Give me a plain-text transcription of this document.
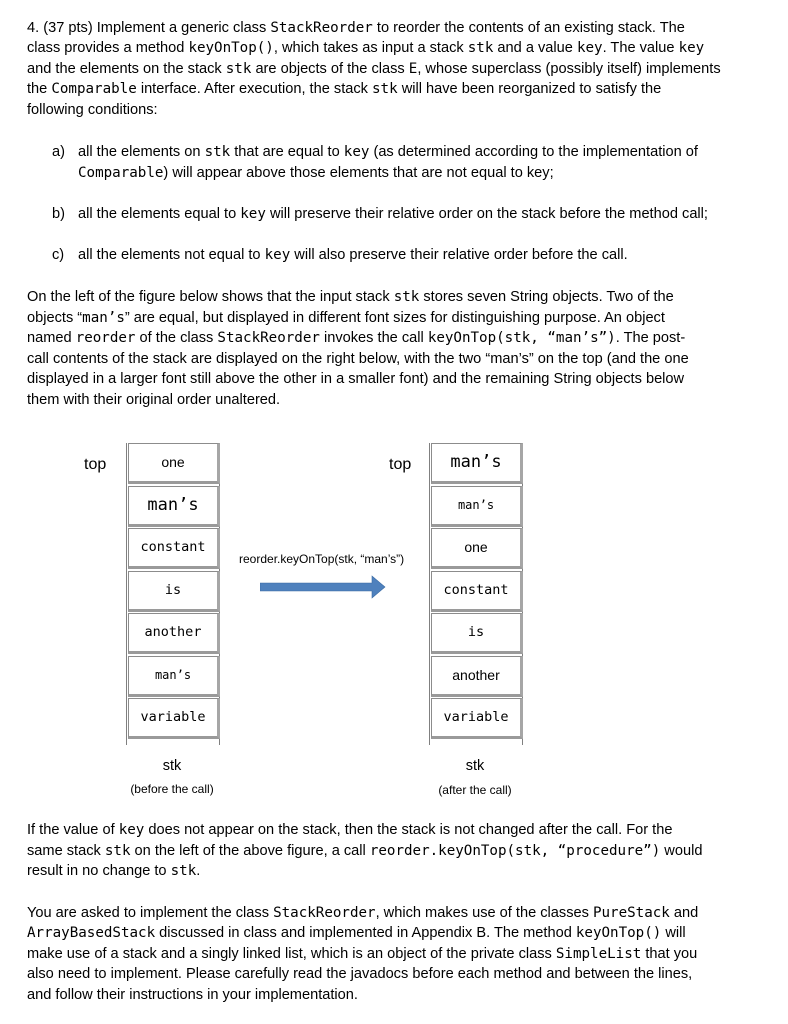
4. (37 pts) Implement a generic class StackReorder to reorder the contents of an existing stack. The

class provides a method keyOnTop(), which takes as input a stack stk and a value key. The value key

and the elements on the stack stk are objects of the class E, whose superclass (possibly itself) implements

the Comparable interface. After execution, the stack stk will have been reorganized to satisfy the

following conditions:

a) all the elements on stk that are equal to key (as determined according to the implementation of
Comparable) will appear above those elements that are not equal to key;
b) all the elements equal to key will preserve their relative order on the stack before the method call;
c) all the elements not equal to key will also preserve their relative order before the call.

On the left of the figure below shows that the input stack stk stores seven String objects. Two of the

objects “man’s” are equal, but displayed in different font sizes for distinguishing purpose. An object

named reorder of the class StackReorder invokes the call keyOnTop(stk, “man’s”). The post-

call contents of the stack are displayed on the right below, with the two “man’s” on the top (and the one

displayed in a larger font still above the other in a smaller font) and the remaining String objects below

them with their original order unaltered.

top	one
man’s
constant
is
another
man’s
variable
stk
(before the call)
reorder.keyOnTop(stk, “man’s”)
top	man’s
man’s
one
constant
is
another
variable
stk
(after the call)

If the value of key does not appear on the stack, then the stack is not changed after the call. For the

same stack stk on the left of the above figure, a call reorder.keyOnTop(stk, “procedure”) would

result in no change to stk.

You are asked to implement the class StackReorder, which makes use of the classes PureStack and

ArrayBasedStack discussed in class and implemented in Appendix B. The method keyOnTop() will

make use of a stack and a singly linked list, which is an object of the private class SimpleList that you

also need to implement. Please carefully read the javadocs before each method and between the lines,

and follow their instructions in your implementation.
